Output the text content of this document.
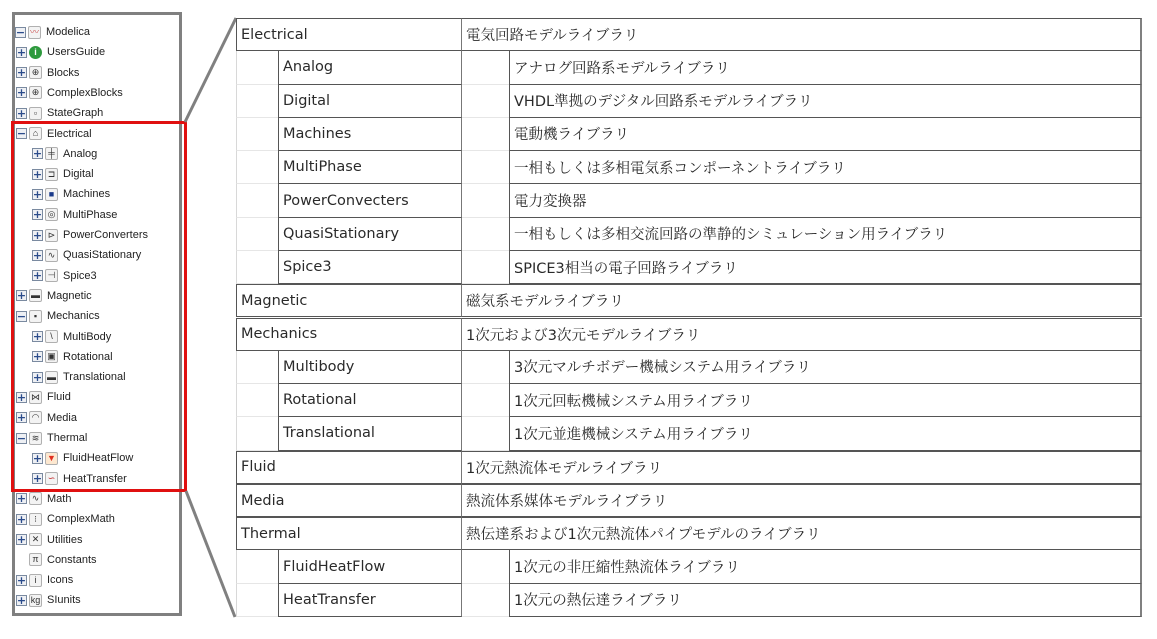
− 〰 Modelica
+ i UsersGuide
+ ⊕ Blocks
+ ⊕ ComplexBlocks
+ ▫ StateGraph
− ⌂ Electrical
+ ╪ Analog
+ ⊐ Digital
+ ■ Machines
+ ◎ MultiPhase
+ ⊳ PowerConverters
+ ∿ QuasiStationary
+ ⊣ Spice3
+ ▬ Magnetic
− ▪ Mechanics
+ \ MultiBody
+ ▣ Rotational
+ ▬ Translational
+ ⋈ Fluid
+ ◠ Media
− ≋ Thermal
+ ▼ FluidHeatFlow
+ ∽ HeatTransfer
+ ∿ Math
+ ⁝ ComplexMath
+ ✕ Utilities
π Constants
+ i Icons
+ kg SIunits
Electrical	電気回路モデルライブラリ
Analog	アナログ回路系モデルライブラリ
Digital	VHDL準拠のデジタル回路系モデルライブラリ
Machines	電動機ライブラリ
MultiPhase	一相もしくは多相電気系コンポーネントライブラリ
PowerConvecters	電力変換器
QuasiStationary	一相もしくは多相交流回路の準静的シミュレーション用ライブラリ
Spice3	SPICE3相当の電子回路ライブラリ
Magnetic	磁気系モデルライブラリ
Mechanics	1次元および3次元モデルライブラリ
Multibody	3次元マルチボデー機械システム用ライブラリ
Rotational	1次元回転機械システム用ライブラリ
Translational	1次元並進機械システム用ライブラリ
Fluid	1次元熱流体モデルライブラリ
Media	熱流体系媒体モデルライブラリ
Thermal	熱伝達系および1次元熱流体パイプモデルのライブラリ
FluidHeatFlow	1次元の非圧縮性熱流体ライブラリ
HeatTransfer	1次元の熱伝達ライブラリ
